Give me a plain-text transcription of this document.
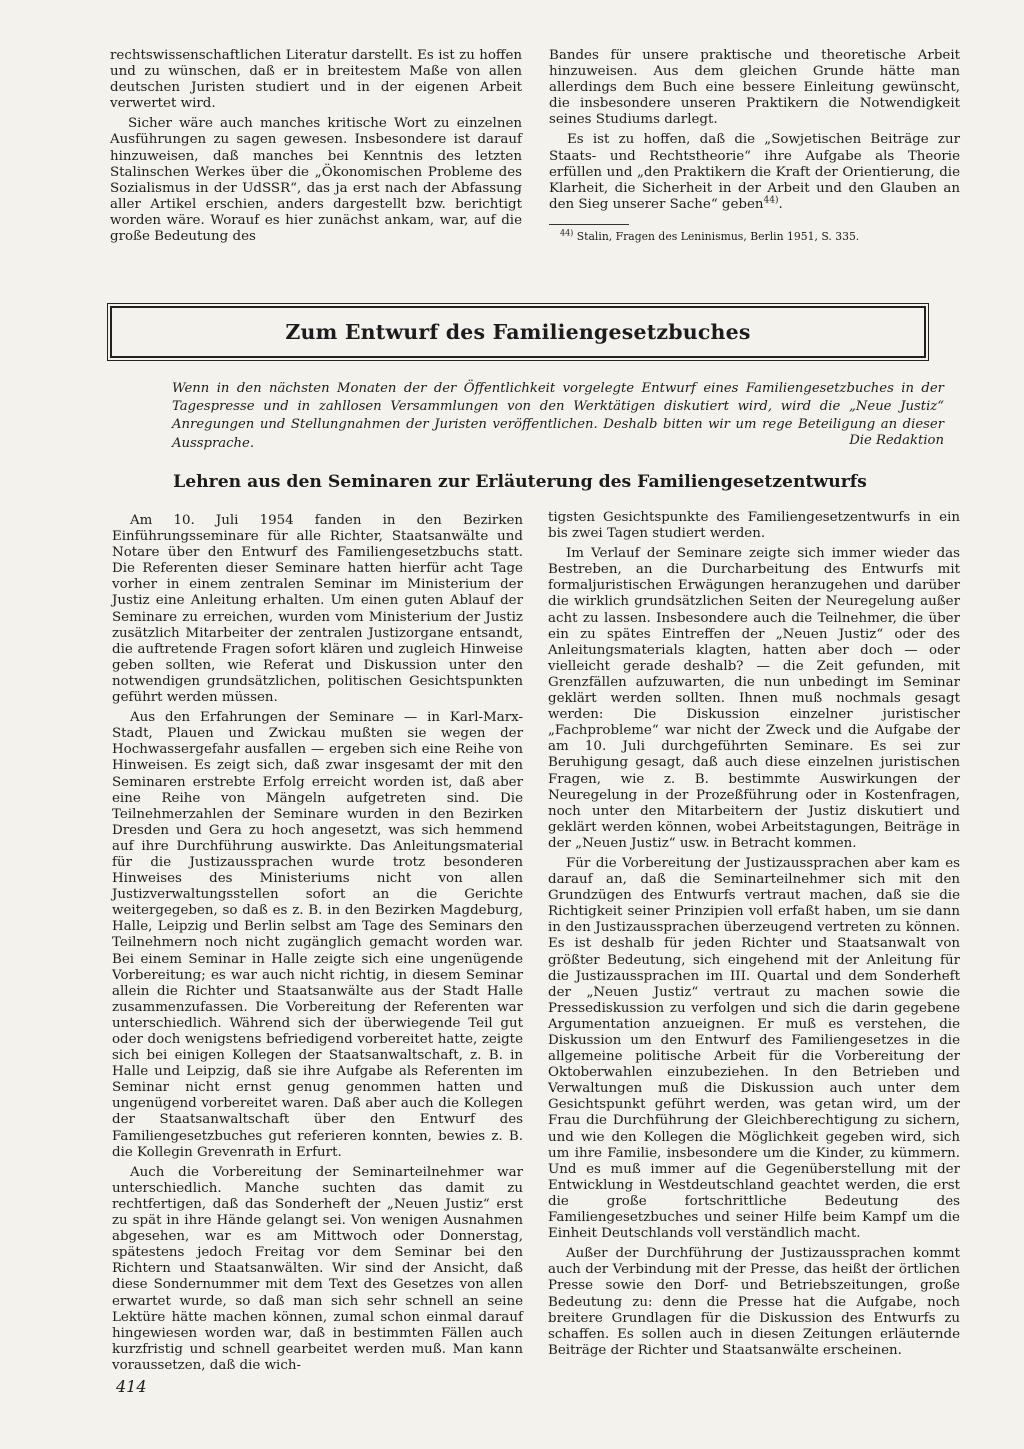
rechtswissenschaftlichen Literatur darstellt. Es ist zu hoffen und zu wünschen, daß er in breitestem Maße von allen deutschen Juristen studiert und in der eigenen Arbeit verwertet wird.

Sicher wäre auch manches kritische Wort zu einzelnen Ausführungen zu sagen gewesen. Insbesondere ist darauf hinzuweisen, daß manches bei Kenntnis des letzten Stalinschen Werkes über die „Ökonomischen Probleme des Sozialismus in der UdSSR“, das ja erst nach der Abfassung aller Artikel erschien, anders dargestellt bzw. berichtigt worden wäre. Worauf es hier zunächst ankam, war, auf die große Bedeutung des

Bandes für unsere praktische und theoretische Arbeit hinzuweisen. Aus dem gleichen Grunde hätte man allerdings dem Buch eine bessere Einleitung gewünscht, die insbesondere unseren Praktikern die Notwendigkeit seines Studiums darlegt.

Es ist zu hoffen, daß die „Sowjetischen Beiträge zur Staats- und Rechtstheorie“ ihre Aufgabe als Theorie erfüllen und „den Praktikern die Kraft der Orientierung, die Klarheit, die Sicherheit in der Arbeit und den Glauben an den Sieg unserer Sache“ geben$^{44)}$.

$^{44)}$ Stalin, Fragen des Leninismus, Berlin 1951, S. 335.
Zum Entwurf des Familiengesetzbuches
Wenn in den nächsten Monaten der der Öffentlichkeit vorgelegte Entwurf eines Familiengesetzbuches in der Tagespresse und in zahllosen Versammlungen von den Werktätigen diskutiert wird, wird die „Neue Justiz“ Anregungen und Stellungnahmen der Juristen veröffentlichen. Deshalb bitten wir um rege Beteiligung an dieser Aussprache.	Die Redaktion
Lehren aus den Seminaren zur Erläuterung des Familiengesetzentwurfs

Am 10. Juli 1954 fanden in den Bezirken Einführungsseminare für alle Richter, Staatsanwälte und Notare über den Entwurf des Familiengesetzbuchs statt. Die Referenten dieser Seminare hatten hierfür acht Tage vorher in einem zentralen Seminar im Ministerium der Justiz eine Anleitung erhalten. Um einen guten Ablauf der Seminare zu erreichen, wurden vom Ministerium der Justiz zusätzlich Mitarbeiter der zentralen Justizorgane entsandt, die auftretende Fragen sofort klären und zugleich Hinweise geben sollten, wie Referat und Diskussion unter den notwendigen grundsätzlichen, politischen Gesichtspunkten geführt werden müssen.

Aus den Erfahrungen der Seminare — in Karl-Marx-Stadt, Plauen und Zwickau mußten sie wegen der Hochwassergefahr ausfallen — ergeben sich eine Reihe von Hinweisen. Es zeigt sich, daß zwar insgesamt der mit den Seminaren erstrebte Erfolg erreicht worden ist, daß aber eine Reihe von Mängeln aufgetreten sind. Die Teilnehmerzahlen der Seminare wurden in den Bezirken Dresden und Gera zu hoch angesetzt, was sich hemmend auf ihre Durchführung auswirkte. Das Anleitungsmaterial für die Justizaussprachen wurde trotz besonderen Hinweises des Ministeriums nicht von allen Justizverwaltungsstellen sofort an die Gerichte weitergegeben, so daß es z. B. in den Bezirken Magdeburg, Halle, Leipzig und Berlin selbst am Tage des Seminars den Teilnehmern noch nicht zugänglich gemacht worden war. Bei einem Seminar in Halle zeigte sich eine ungenügende Vorbereitung; es war auch nicht richtig, in diesem Seminar allein die Richter und Staatsanwälte aus der Stadt Halle zusammenzufassen. Die Vorbereitung der Referenten war unterschiedlich. Während sich der überwiegende Teil gut oder doch wenigstens befriedigend vorbereitet hatte, zeigte sich bei einigen Kollegen der Staatsanwaltschaft, z. B. in Halle und Leipzig, daß sie ihre Aufgabe als Referenten im Seminar nicht ernst genug genommen hatten und ungenügend vorbereitet waren. Daß aber auch die Kollegen der Staatsanwaltschaft über den Entwurf des Familiengesetzbuches gut referieren konnten, bewies z. B. die Kollegin Grevenrath in Erfurt.

Auch die Vorbereitung der Seminarteilnehmer war unterschiedlich. Manche suchten das damit zu rechtfertigen, daß das Sonderheft der „Neuen Justiz“ erst zu spät in ihre Hände gelangt sei. Von wenigen Ausnahmen abgesehen, war es am Mittwoch oder Donnerstag, spätestens jedoch Freitag vor dem Seminar bei den Richtern und Staatsanwälten. Wir sind der Ansicht, daß diese Sondernummer mit dem Text des Gesetzes von allen erwartet wurde, so daß man sich sehr schnell an seine Lektüre hätte machen können, zumal schon einmal darauf hingewiesen worden war, daß in bestimmten Fällen auch kurzfristig und schnell gearbeitet werden muß. Man kann voraussetzen, daß die wich-

tigsten Gesichtspunkte des Familiengesetzentwurfs in ein bis zwei Tagen studiert werden.

Im Verlauf der Seminare zeigte sich immer wieder das Bestreben, an die Durcharbeitung des Entwurfs mit formaljuristischen Erwägungen heranzugehen und darüber die wirklich grundsätzlichen Seiten der Neuregelung außer acht zu lassen. Insbesondere auch die Teilnehmer, die über ein zu spätes Eintreffen der „Neuen Justiz“ oder des Anleitungsmaterials klagten, hatten aber doch — oder vielleicht gerade deshalb? — die Zeit gefunden, mit Grenzfällen aufzuwarten, die nun unbedingt im Seminar geklärt werden sollten. Ihnen muß nochmals gesagt werden: Die Diskussion einzelner juristischer „Fachprobleme“ war nicht der Zweck und die Aufgabe der am 10. Juli durchgeführten Seminare. Es sei zur Beruhigung gesagt, daß auch diese einzelnen juristischen Fragen, wie z. B. bestimmte Auswirkungen der Neuregelung in der Prozeßführung oder in Kostenfragen, noch unter den Mitarbeitern der Justiz diskutiert und geklärt werden können, wobei Arbeitstagungen, Beiträge in der „Neuen Justiz“ usw. in Betracht kommen.

Für die Vorbereitung der Justizaussprachen aber kam es darauf an, daß die Seminarteilnehmer sich mit den Grundzügen des Entwurfs vertraut machen, daß sie die Richtigkeit seiner Prinzipien voll erfaßt haben, um sie dann in den Justizaussprachen überzeugend vertreten zu können. Es ist deshalb für jeden Richter und Staatsanwalt von größter Bedeutung, sich eingehend mit der Anleitung für die Justizaussprachen im III. Quartal und dem Sonderheft der „Neuen Justiz“ vertraut zu machen sowie die Pressediskussion zu verfolgen und sich die darin gegebene Argumentation anzueignen. Er muß es verstehen, die Diskussion um den Entwurf des Familiengesetzes in die allgemeine politische Arbeit für die Vorbereitung der Oktoberwahlen einzubeziehen. In den Betrieben und Verwaltungen muß die Diskussion auch unter dem Gesichtspunkt geführt werden, was getan wird, um der Frau die Durchführung der Gleichberechtigung zu sichern, und wie den Kollegen die Möglichkeit gegeben wird, sich um ihre Familie, insbesondere um die Kinder, zu kümmern. Und es muß immer auf die Gegenüberstellung mit der Entwicklung in Westdeutschland geachtet werden, die erst die große fortschrittliche Bedeutung des Familiengesetzbuches und seiner Hilfe beim Kampf um die Einheit Deutschlands voll verständlich macht.

Außer der Durchführung der Justizaussprachen kommt auch der Verbindung mit der Presse, das heißt der örtlichen Presse sowie den Dorf- und Betriebszeitungen, große Bedeutung zu: denn die Presse hat die Aufgabe, noch breitere Grundlagen für die Diskussion des Entwurfs zu schaffen. Es sollen auch in diesen Zeitungen erläuternde Beiträge der Richter und Staatsanwälte erscheinen.

414
